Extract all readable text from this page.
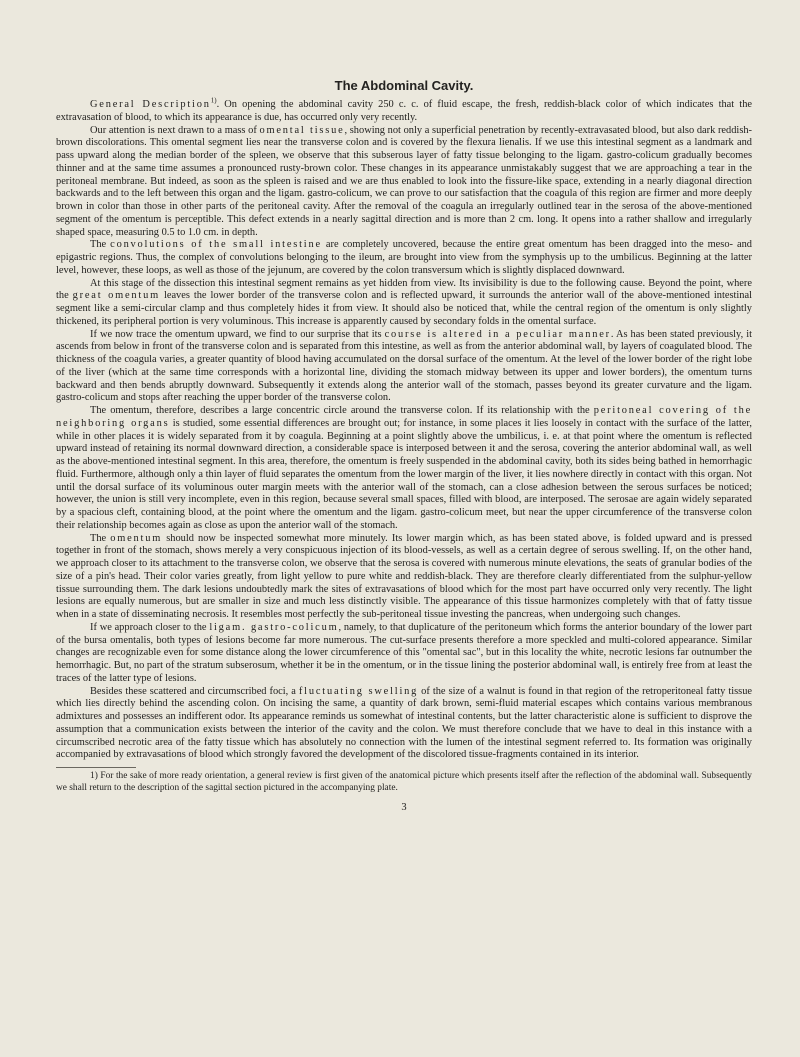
The Abdominal Cavity.

General Description$^{1)}$. On opening the abdominal cavity 250 c. c. of fluid escape, the fresh, reddish-black color of which indicates that the extravasation of blood, to which its appearance is due, has occurred only very recently.

Our attention is next drawn to a mass of omental tissue, showing not only a superficial penetration by recently-extravasated blood, but also dark reddish-brown discolorations. This omental segment lies near the transverse colon and is covered by the flexura lienalis. If we use this intestinal segment as a landmark and pass upward along the median border of the spleen, we observe that this subserous layer of fatty tissue belonging to the ligam. gastro-colicum gradually becomes thinner and at the same time assumes a pronounced rusty-brown color. These changes in its appearance unmistakably suggest that we are approaching a tear in the peritoneal membrane. But indeed, as soon as the spleen is raised and we are thus enabled to look into the fissure-like space, extending in a nearly diagonal direction backwards and to the left between this organ and the ligam. gastro-colicum, we can prove to our satisfaction that the coagula of this region are firmer and more deeply brown in color than those in other parts of the peritoneal cavity. After the removal of the coagula an irregularly outlined tear in the serosa of the above-mentioned segment of the omentum is perceptible. This defect extends in a nearly sagittal direction and is more than 2 cm. long. It opens into a rather shallow and irregularly shaped space, measuring 0.5 to 1.0 cm. in depth.

The convolutions of the small intestine are completely uncovered, because the entire great omentum has been dragged into the meso- and epigastric regions. Thus, the complex of convolutions belonging to the ileum, are brought into view from the symphysis up to the umbilicus. Beginning at the latter level, however, these loops, as well as those of the jejunum, are covered by the colon transversum which is slightly displaced downward.

At this stage of the dissection this intestinal segment remains as yet hidden from view. Its invisibility is due to the following cause. Beyond the point, where the great omentum leaves the lower border of the transverse colon and is reflected upward, it surrounds the anterior wall of the above-mentioned intestinal segment like a semi-circular clamp and thus completely hides it from view. It should also be noticed that, while the central region of the omentum is only slightly thickened, its peripheral portion is very voluminous. This increase is apparently caused by secondary folds in the omental surface.

If we now trace the omentum upward, we find to our surprise that its course is altered in a peculiar manner. As has been stated previously, it ascends from below in front of the transverse colon and is separated from this intestine, as well as from the anterior abdominal wall, by layers of coagulated blood. The thickness of the coagula varies, a greater quantity of blood having accumulated on the dorsal surface of the omentum. At the level of the lower border of the right lobe of the liver (which at the same time corresponds with a horizontal line, dividing the stomach midway between its upper and lower borders), the omentum turns backward and then bends abruptly downward. Subsequently it extends along the anterior wall of the stomach, passes beyond its greater curvature and the ligam. gastro-colicum and stops after reaching the upper border of the transverse colon.

The omentum, therefore, describes a large concentric circle around the transverse colon. If its relationship with the peritoneal covering of the neighboring organs is studied, some essential differences are brought out; for instance, in some places it lies loosely in contact with the surface of the latter, while in other places it is widely separated from it by coagula. Beginning at a point slightly above the umbilicus, i. e. at that point where the omentum is reflected upward instead of retaining its normal downward direction, a considerable space is interposed between it and the serosa, covering the anterior abdominal wall, as well as the above-mentioned intestinal segment. In this area, therefore, the omentum is freely suspended in the abdominal cavity, both its sides being bathed in hemorrhagic fluid. Furthermore, although only a thin layer of fluid separates the omentum from the lower margin of the liver, it lies nowhere directly in contact with this organ. Not until the dorsal surface of its voluminous outer margin meets with the anterior wall of the stomach, can a close adhesion between the serous surfaces be noticed; however, the union is still very incomplete, even in this region, because several small spaces, filled with blood, are interposed. The serosae are again widely separated by a spacious cleft, containing blood, at the point where the omentum and the ligam. gastro-colicum meet, but near the upper circumference of the transverse colon their relationship becomes again as close as upon the anterior wall of the stomach.

The omentum should now be inspected somewhat more minutely. Its lower margin which, as has been stated above, is folded upward and is pressed together in front of the stomach, shows merely a very conspicuous injection of its blood-vessels, as well as a certain degree of serous swelling. If, on the other hand, we approach closer to its attachment to the transverse colon, we observe that the serosa is covered with numerous minute elevations, the seats of granular bodies of the size of a pin's head. Their color varies greatly, from light yellow to pure white and reddish-black. They are therefore clearly differentiated from the sulphur-yellow tissue surrounding them. The dark lesions undoubtedly mark the sites of extravasations of blood which for the most part have occurred only very recently. The light lesions are equally numerous, but are smaller in size and much less distinctly visible. The appearance of this tissue harmonizes completely with that of fatty tissue when in a state of disseminating necrosis. It resembles most perfectly the sub-peritoneal tissue investing the pancreas, when undergoing such changes.

If we approach closer to the ligam. gastro-colicum, namely, to that duplicature of the peritoneum which forms the anterior boundary of the lower part of the bursa omentalis, both types of lesions become far more numerous. The cut-surface presents therefore a more speckled and multi-colored appearance. Similar changes are recognizable even for some distance along the lower circumference of this "omental sac", but in this locality the white, necrotic lesions far outnumber the hemorrhagic. But, no part of the stratum subserosum, whether it be in the omentum, or in the tissue lining the posterior abdominal wall, is entirely free from at least the traces of the latter type of lesions.

Besides these scattered and circumscribed foci, a fluctuating swelling of the size of a walnut is found in that region of the retroperitoneal fatty tissue which lies directly behind the ascending colon. On incising the same, a quantity of dark brown, semi-fluid material escapes which contains various membranous admixtures and possesses an indifferent odor. Its appearance reminds us somewhat of intestinal contents, but the latter characteristic alone is sufficient to disprove the assumption that a communication exists between the interior of the cavity and the colon. We must therefore conclude that we have to deal in this instance with a circumscribed necrotic area of the fatty tissue which has absolutely no connection with the lumen of the intestinal segment referred to. Its formation was originally accompanied by extravasations of blood which strongly favored the development of the discolored tissue-fragments contained in its interior.

1) For the sake of more ready orientation, a general review is first given of the anatomical picture which presents itself after the reflection of the abdominal wall. Subsequently we shall return to the description of the sagittal section pictured in the accompanying plate.

3
